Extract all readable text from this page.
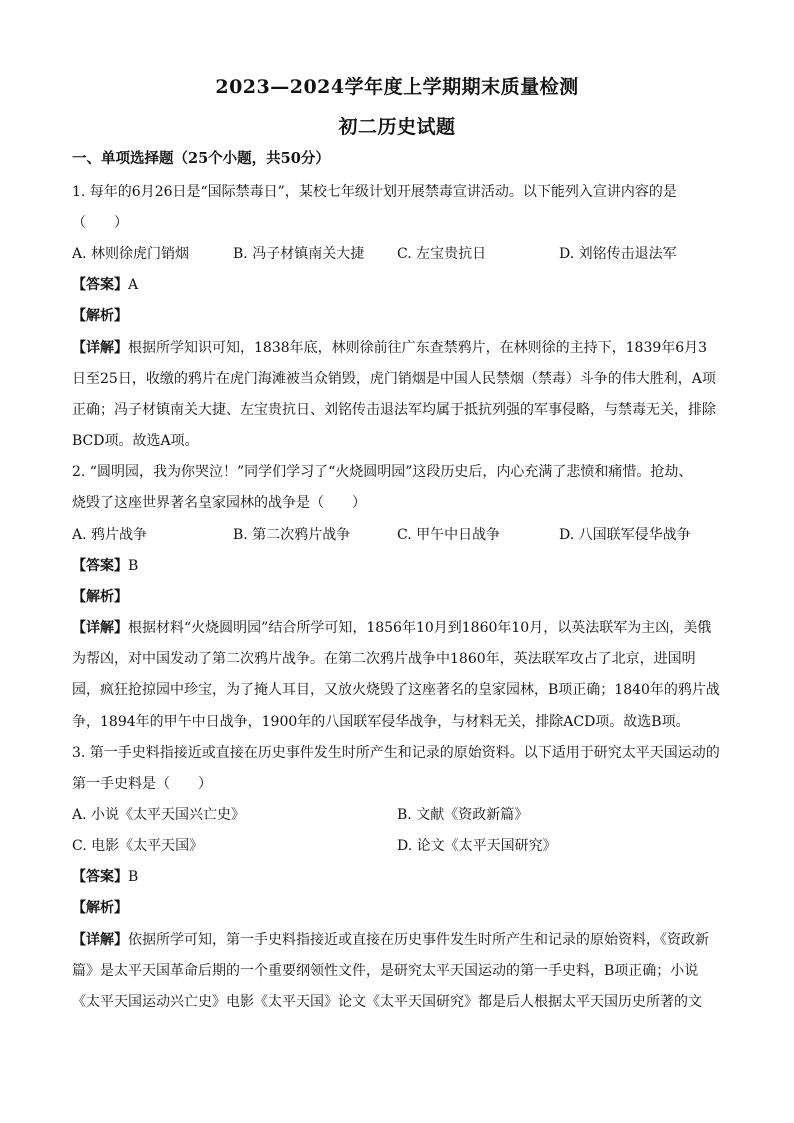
2023—2024学年度上学期期末质量检测
初二历史试题
一、单项选择题（25个小题，共50分）
1. 每年的6月26日是“国际禁毒日”，某校七年级计划开展禁毒宣讲活动。以下能列入宣讲内容的是
（　　）
A. 林则徐虎门销烟	B. 冯子材镇南关大捷 C. 左宝贵抗日	D. 刘铭传击退法军
【答案】A
【解析】
【详解】根据所学知识可知，1838年底，林则徐前往广东查禁鸦片，在林则徐的主持下，1839年6月3
日至25日，收缴的鸦片在虎门海滩被当众销毁，虎门销烟是中国人民禁烟（禁毒）斗争的伟大胜利，A项
正确；冯子材镇南关大捷、左宝贵抗日、刘铭传击退法军均属于抵抗列强的军事侵略，与禁毒无关，排除
BCD项。故选A项。
2. “圆明园，我为你哭泣！”同学们学习了“火烧圆明园”这段历史后，内心充满了悲愤和痛惜。抢劫、
烧毁了这座世界著名皇家园林的战争是（　　）
A. 鸦片战争	B. 第二次鸦片战争	C. 甲午中日战争	D. 八国联军侵华战争
【答案】B
【解析】
【详解】根据材料“火烧圆明园”结合所学可知，1856年10月到1860年10月，以英法联军为主凶，美俄
为帮凶，对中国发动了第二次鸦片战争。在第二次鸦片战争中1860年，英法联军攻占了北京，进国明
园，疯狂抢掠园中珍宝，为了掩人耳目，又放火烧毁了这座著名的皇家园林，B项正确；1840年的鸦片战
争，1894年的甲午中日战争，1900年的八国联军侵华战争，与材料无关，排除ACD项。故选B项。
3. 第一手史料指接近或直接在历史事件发生时所产生和记录的原始资料。以下适用于研究太平天国运动的
第一手史料是（　　）
A. 小说《太平天国兴亡史》	B. 文献《资政新篇》
C. 电影《太平天国》	D. 论文《太平天国研究》
【答案】B
【解析】
【详解】依据所学可知，第一手史料指接近或直接在历史事件发生时所产生和记录的原始资料，《资政新
篇》是太平天国革命后期的一个重要纲领性文件，是研究太平天国运动的第一手史料，B项正确；小说
《太平天国运动兴亡史》电影《太平天国》论文《太平天国研究》都是后人根据太平天国历史所著的文
